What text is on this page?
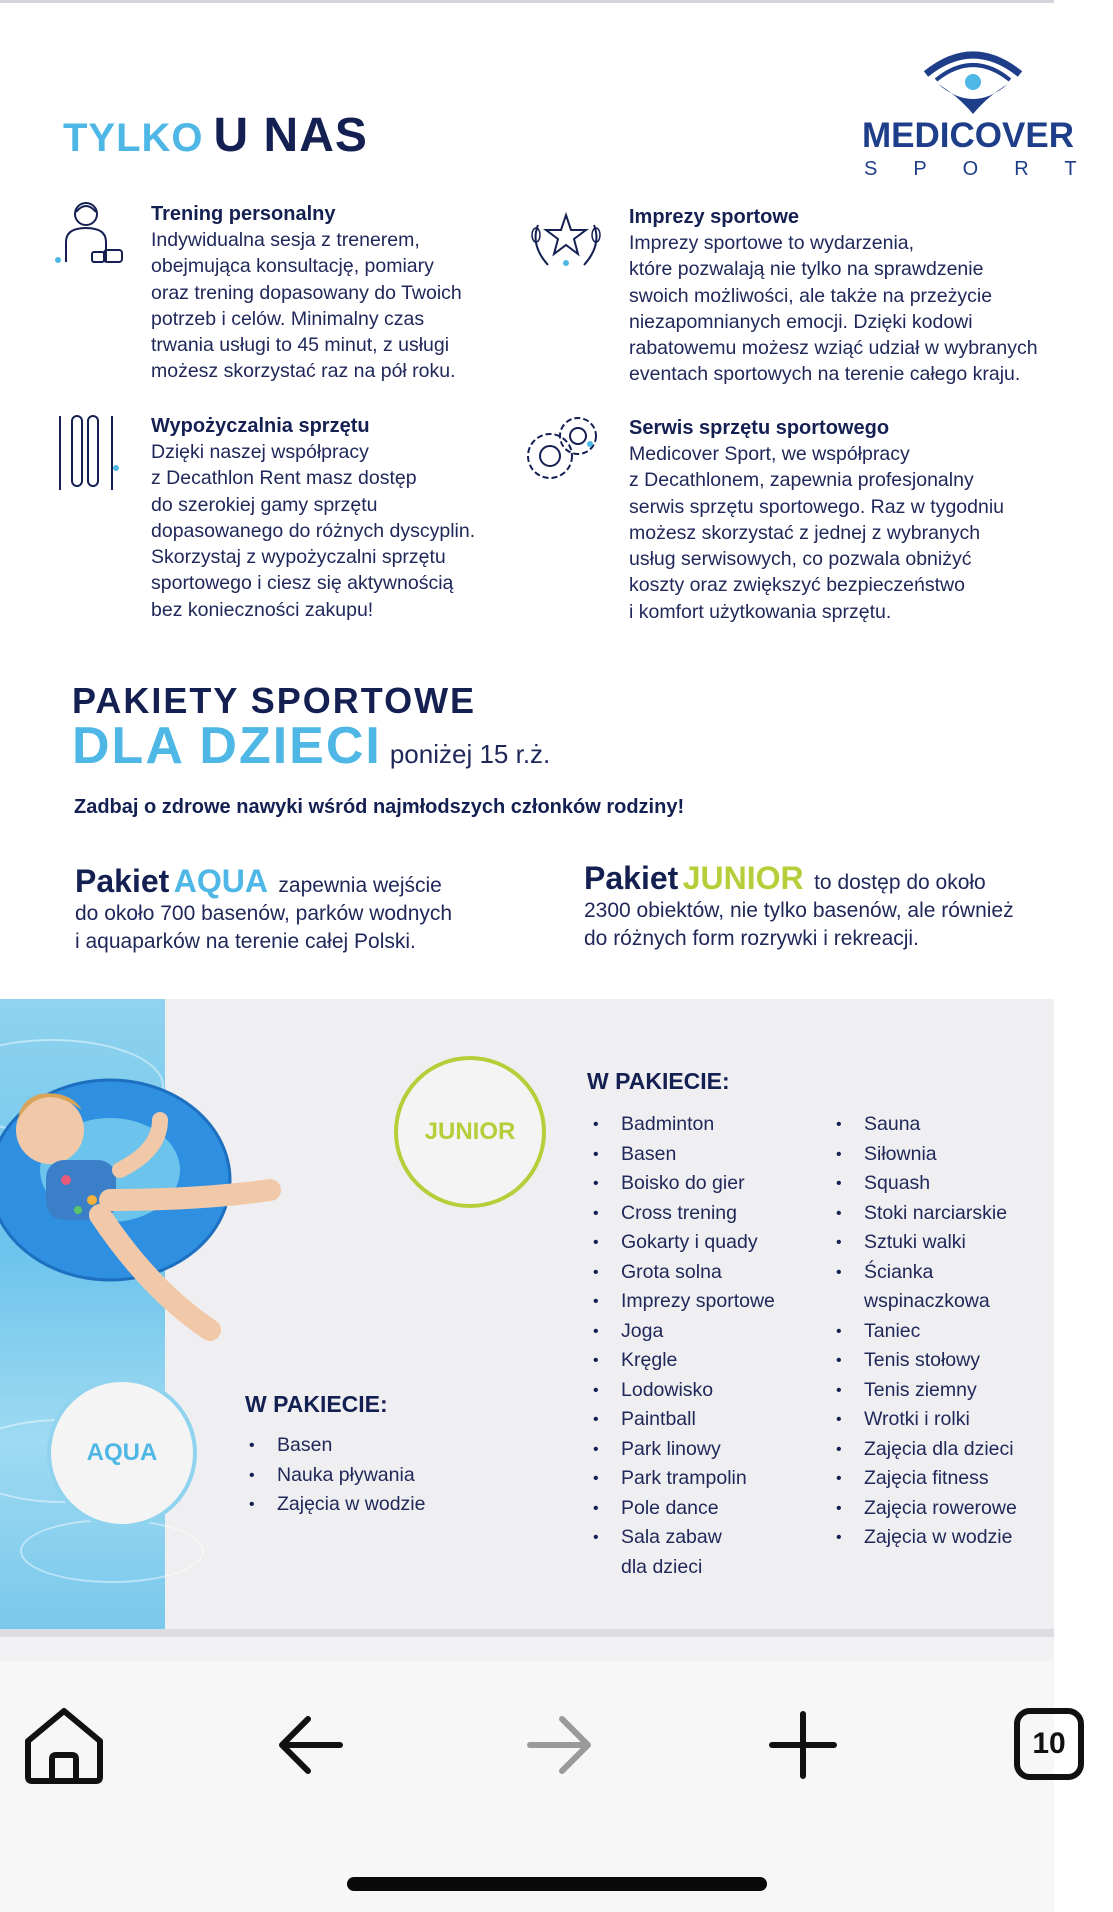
TYLKO U NAS	MEDICOVER
SPORT
Trening personalny
Indywidualna sesja z trenerem,
obejmująca konsultację, pomiary
oraz trening dopasowany do Twoich
potrzeb i celów. Minimalny czas
trwania usługi to 45 minut, z usługi
możesz skorzystać raz na pół roku.
Imprezy sportowe
Imprezy sportowe to wydarzenia,
które pozwalają nie tylko na sprawdzenie
swoich możliwości, ale także na przeżycie
niezapomnianych emocji. Dzięki kodowi
rabatowemu możesz wziąć udział w wybranych
eventach sportowych na terenie całego kraju.
Wypożyczalnia sprzętu
Dzięki naszej współpracy
z Decathlon Rent masz dostęp
do szerokiej gamy sprzętu
dopasowanego do różnych dyscyplin.
Skorzystaj z wypożyczalni sprzętu
sportowego i ciesz się aktywnością
bez konieczności zakupu!
Serwis sprzętu sportowego
Medicover Sport, we współpracy
z Decathlonem, zapewnia profesjonalny
serwis sprzętu sportowego. Raz w tygodniu
możesz skorzystać z jednej z wybranych
usług serwisowych, co pozwala obniżyć
koszty oraz zwiększyć bezpieczeństwo
i komfort użytkowania sprzętu.
PAKIETY SPORTOWE
DLA DZIECI poniżej 15 r.ż.
Zadbaj o zdrowe nawyki wśród najmłodszych członków rodziny!
Pakiet AQUA zapewnia wejście
do około 700 basenów, parków wodnych
i aquaparków na terenie całej Polski.
Pakiet JUNIOR to dostęp do około
2300 obiektów, nie tylko basenów, ale również
do różnych form rozrywki i rekreacji.
JUNIOR
AQUA
W PAKIECIE:
W PAKIECIE:
• Badminton
• Basen
• Boisko do gier
• Cross trening
• Gokarty i quady
• Grota solna
• Imprezy sportowe
• Joga
• Kręgle
• Lodowisko
• Paintball
• Park linowy
• Park trampolin
• Pole dance
• Sala zabaw
dla dzieci
• Sauna
• Siłownia
• Squash
• Stoki narciarskie
• Sztuki walki
• Ścianka
wspinaczkowa
• Taniec
• Tenis stołowy
• Tenis ziemny
• Wrotki i rolki
• Zajęcia dla dzieci
• Zajęcia fitness
• Zajęcia rowerowe
• Zajęcia w wodzie
• Basen
• Nauka pływania
• Zajęcia w wodzie
10
